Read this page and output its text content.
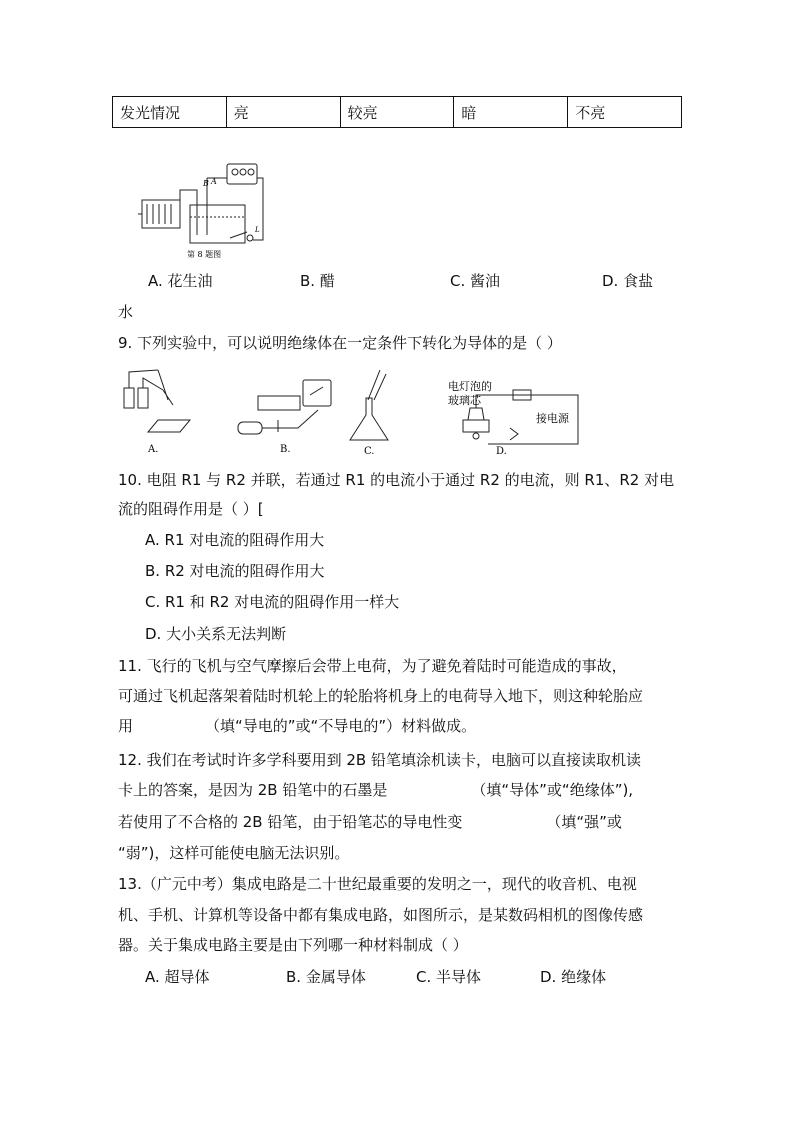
发光情况	亮	较亮	暗	不亮
B A
L
第 8 题图
A. 花生油	B. 醋	C. 酱油	D. 食盐
水
9. 下列实验中，可以说明绝缘体在一定条件下转化为导体的是（ ）
A.	B.	C.	D.
电灯泡的
玻璃芯
接电源
10. 电阻 R1 与 R2 并联，若通过 R1 的电流小于通过 R2 的电流，则 R1、R2 对电
流的阻碍作用是（ ）[
A. R1 对电流的阻碍作用大
B. R2 对电流的阻碍作用大
C. R1 和 R2 对电流的阻碍作用一样大
D. 大小关系无法判断
11. 飞行的飞机与空气摩擦后会带上电荷，为了避免着陆时可能造成的事故，
可通过飞机起落架着陆时机轮上的轮胎将机身上的电荷导入地下，则这种轮胎应
用	（填“导电的”或“不导电的”）材料做成。
12. 我们在考试时许多学科要用到 2B 铅笔填涂机读卡，电脑可以直接读取机读
卡上的答案，是因为 2B 铅笔中的石墨是	（填“导体”或“绝缘体”),
若使用了不合格的 2B 铅笔，由于铅笔芯的导电性变	（填“强”或
“弱”)，这样可能使电脑无法识别。
13.（广元中考）集成电路是二十世纪最重要的发明之一，现代的收音机、电视
机、手机、计算机等设备中都有集成电路，如图所示，是某数码相机的图像传感
器。关于集成电路主要是由下列哪一种材料制成（ ）
A. 超导体	B. 金属导体	C. 半导体	D. 绝缘体
